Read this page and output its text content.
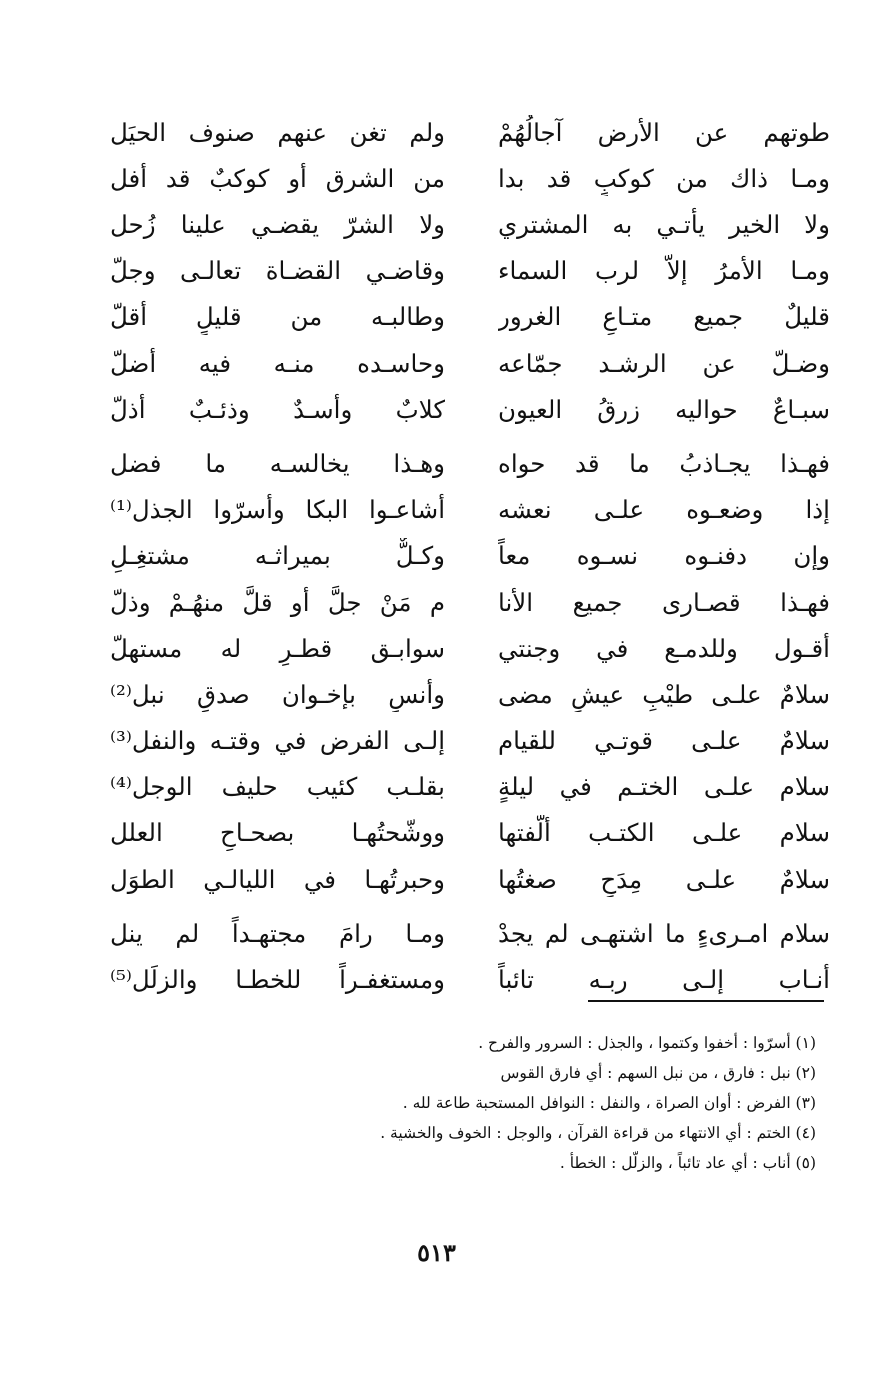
طوتهم عن الأرضِ آجالُهُمْ
ولم تغن عنهم صنوف الحيَل
ومـا ذاك من كوكبٍ قد بدا
من الشرق أو كوكبٌ قد أفل
ولا الخير يأتـي به المشتري
ولا الشرّ يقضـي علينا زُحل
ومـا الأمرُ إلاّ لرب السماء
وقاضـي القضـاة تعالـى وجلّ
قليلٌ جميع متـاعِ الغرور
وطالبـه من قليلٍ أقلّ
وضـلّ عن الرشـد جمّاعه
وحاسـده منـه فيه أضلّ
سبـاعٌ حواليه زرقُ العيون
كلابٌ وأسـدٌ وذئـبٌ أذلّ
فهـذا يجـاذبُ ما قد حواه
وهـذا يخالسـه ما فضل
إذا وضعـوه علـى نعشه
أشاعـوا البكا وأسرّوا الجذل⁽¹⁾
وإن دفنـوه نسـوه معاً
وكـلٌّ بميراثـه مشتغِـلِ
فهـذا قصـارى جميع الأنا
م مَنْ جلَّ أو قلَّ منهُـمْ وذلّ
أقـول وللدمـع في وجنتي
سوابـق قطـرٍ له مستهلّ
سلامٌ علـى طيْبِ عيشٍ مضى
وأنسٍ بإخـوان صدقٍ نبل⁽²⁾
سلامٌ علـى قوتـي للقيام
إلـى الفرض في وقتـه والنفل⁽³⁾
سلام علـى الختـم في ليلةٍ
بقلـب كئيب حليف الوجل⁽⁴⁾
سلام علـى الكتـب ألّفتها
ووشّحتُهـا بصحـاحِ العلل
سلامٌ علـى مِدَحٍ صغتُها
وحبرتُهـا في الليالـي الطوَل
سلام امـرىءٍ ما اشتهـى لم يجدْ
ومـا رامَ مجتهـداً لم ينل
أنـاب إلـى ربـه تائباً
ومستغفـراً للخطـا والزلَل⁽⁵⁾
(١) أسرّوا : أخفوا وكتموا ، والجذل : السرور والفرح .
(٢) نبل : فارق ، من نبل السهم : أي فارق القوس
(٣) الفرض : أوان الصراة ، والنفل : النوافل المستحبة طاعة لله .
(٤) الختم : أي الانتهاء من قراءة القرآن ، والوجل : الخوف والخشية .
(٥) أناب : أي عاد تائباً ، والزلّل : الخطأ .
٥١٣
